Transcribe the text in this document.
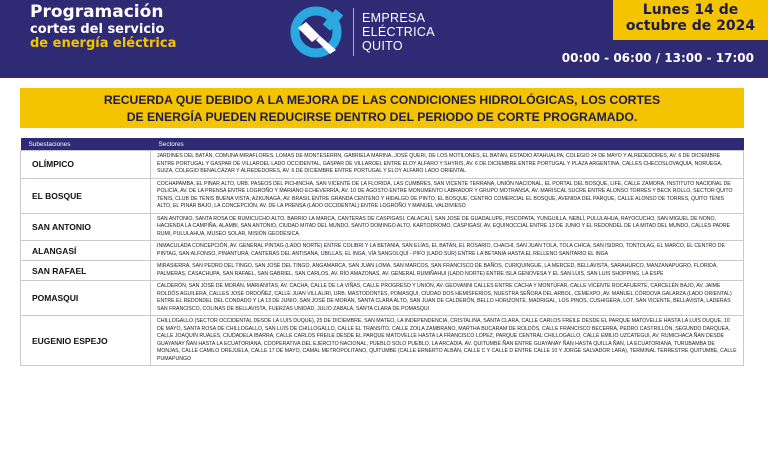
Programación
cortes del servicio
de energía eléctrica
EMPRESA
ELÉCTRICA
QUITO
Lunes 14 de
octubre de 2024
00:00 - 06:00 / 13:00 - 17:00
RECUERDA QUE DEBIDO A LA MEJORA DE LAS CONDICIONES HIDROLÓGICAS, LOS CORTES
DE ENERGÍA PUEDEN REDUCIRSE DENTRO DEL PERIODO DE CORTE PROGRAMADO.
Subestaciones	Sectores
OLÍMPICO	JARDINES DEL BATÁN, COMUNA MIRAFLORES, LOMAS DE MONTESERRN, GABRIELA MARINA, JOSÉ QUERI, DE LOS MOTILONES, EL BATÁN, ESTADIO ATAHUALPA, COLEGIO 24 DE MAYO Y ALREDEDORES, AV. 6 DE DICIEMBRE ENTRE PORTUGAL Y GASPAR DE VILLAROEL LADO OCCIDENTAL, GASPAR DE VILLAROEL ENTRE ELOY ALFARO Y SHYRIS, AV. 6 DE DICIEMBRE ENTRE PORTUGAL Y PLAZA ARGENTINA, CALLES CHECOSLOVAQUIA, NORUEGA, SUIZA, COLEGIO BENALCÁZAR Y ALREDEDORES, AV. 6 DE DICIEMBRE ENTRE PORTUGAL Y ELOY ALFARO LADO ORIENTAL
EL BOSQUE	COCHAPAMBA, EL PINAR ALTO, URB. PASEOS DEL PICHINCHA, SAN VICENTE DE LA FLORIDA, LAS CUMBRES, SAN VICENTE TERRANA, UNIÓN NACIONAL, EL PORTAL DEL BOSQUE, LIFE, CALLE ZAMORA, INSTITUTO NACIONAL DE POLICÍA, AV. DE LA PRENSA ENTRE LOGROÑO Y MARIANO ECHEVERRÍA, AV. 10 DE AGOSTO ENTRE MONUMENTO LABRADOR Y GRUPO MOTRANSA, AV. MARISCAL SUCRE ENTRE ALONSO TORRES Y BECK ROLLO, SECTOR QUITO TENIS, CLUB DE TENIS BUENA VISTA, AZKUNAGA, AV. BRASIL ENTRE GRANDA CENTENO Y HIDALGO DE PINTO, EL BOSQUE, CENTRO COMERCIAL EL BOSQUE, AVENIDA DEL PARQUE, CALLE ALONSO DE TORRES, QUITO TENIS ALTO, EL PINAR BAJO, LA CONCEPCIÓN, AV. DE LA PRENSA (LADO OCCIDENTAL) ENTRE LOGROÑO Y MANUEL VALDIVIESO
SAN ANTONIO	SAN ANTONIO, SANTA ROSA DE RUMICUCHO ALTO, BARRIO LA MARCA, CANTERAS DE CASPIGASI, CALACALÍ, SAN JOSÉ DE GUADALUPE, PISCOPATA, YUNGUILLA, NEBLÍ, PULULAHUA, RAYOCUCHO, SAN MIGUEL DE NONO, HACIENDA LA CAMPIÑA, ALAMBI, SAN ANTONIO, CIUDAD MITAD DEL MUNDO, SANTO DOMINGO ALTO, KARTODROMO, CASPIGASI, AV. EQUINOCCIAL ENTRE 13 DE JUNIO Y EL REDONDEL DE LA MITAD DEL MUNDO, CALLES PADRE RUMI, PULULAHUA, MUSEO SOLAR, MISIÓN GEODÉSICA
ALANGASÍ	INMACULADA CONCEPCIÓN, AV. GENERAL PINTAG (LADO NORTE) ENTRE COLIBRÍ Y LA BETANIA, SAN ELÍAS, EL BATÁN, EL ROSARIO, CHACHI, SAN JUAN TOLA, TOLA CHICA, SAN ISIDRO, TONTOLAG, EL MARCO, EL CENTRO DE PINTAG, SAN ALFONSO, PINANTURA, CANTERAS DEL ANTISANA, UBILLAS, EL INGA, VÍA SANGOLQUÍ - PIFO (LADO SUR) ENTRE LA BETANIA HASTA EL RELLENO SANITARIO EL INGA
SAN RAFAEL	MIRASIERRA, SAN PEDRO DEL TINGO, SAN JOSÉ DEL TINGO, ANGAMARCA, SAN JUAN LOMA, SAN MARCOS, SAN FRANCISCO DE BAÑOS, CURIQUINGUE, LA MERCED, BELLAVISTA, SARAHURCO, MANZANAPUGRO, FLORIDA, PALMERAS, CASACHUPA, SAN RAFAEL, SAN GABRIEL, SAN CARLOS, AV. RÍO AMAZONAS, AV. GENERAL RUMIÑAHUI (LADO NORTE) ENTRE ISLA GENOVESA Y EL SAN LUIS, SAN LUIS SHOPPING, LA ESPE
POMASQUI	CALDERÓN, SAN JOSÉ DE MORÁN, MARIANITAS, AV. CACHA, CALLE DE LA VIÑAS, CALLE PROGRESO Y UNIÓN, AV. GEOVANNI CALLES ENTRE CACHA Y MONTÚFAR, CALLE VICENTE ROCAFUERTE, CARCELÉN BAJO, AV. JAIME ROLDÓS AGUILERA, CALLES JOSÉ ORDOÑEZ, CALLE JUAN VILLALIRI, URB. MASTODONTES, POMASQUI, CIUDAD DOS HEMISFERIOS, NUESTRA SEÑORA DEL ARBOL, CEMEXPO, AV. MANUEL CÓRDOVA GALARZA (LADO ORIENTAL) ENTRE EL REDONDEL DEL CONDADO Y LA 13 DE JUNIO, SAN JOSÉ DE MORÁN, SANTA CLARA ALTO, SAN JUAN DE CALDERÓN, BELLO HORIZONTE, MADRIGAL, LOS PINOS, CUSHIGERA, LOT. SAN VICENTE, BELLAVISTA, LADERAS SAN FRANCISCO, COLINAS DE BELLAVISTA, FUERZAS UNIDAD, JULIO ZABALA, SANTA CLARA DE POMASQUI
EUGENIO ESPEJO	CHILLOGALLO (SECTOR OCCIDENTAL DESDE LA LUIS DUQUE), 25 DE DICIEMBRE, SAN MATEO, LA INDEPENDENCIA, CRISTALINA, SANTA CLARA, CALLE CARLOS FREILE DESDE EL PARQUE MATOVELLE HASTA LA LUIS DUQUE, 10 DE MAYO, SANTA ROSA DE CHILLOGALLO, SAN LUIS DE CHILLOGALLO, CALLE EL TRANSITO, CALLE ZOILA ZAMBRANO, MARTHA BUCARAM DE ROLDÓS, CALLE FRANCISCO BECERRA, PEDRO CASTRILLÓN, SEGUNDO DARQUEA, CALLE JOAQUÍN RUALES, CIUDADELA IBARRA, CALLE CARLOS FREILE DESDE EL PARQUE MATOVELLE HASTA LA FRANCISCO LOPEZ, PARQUE CENTRAL CHILLOGALLO, CALLE EMILIO UZCATEGUI, AV. RUMICHACA ÑAN DESDE GUAYANAY ÑAN HASTA LA ECUATORIANA, COOPERATIVA DEL EJÉRCITO NACIONAL, PUEBLO SOLO PUEBLO, LA ARCADIA, AV. QUITUMBE ÑAN ENTRE GUAYANAY ÑAN HASTA QUILLA ÑAN, LA ECUATORIANA, TURUBAMBA DE MONJAS, CALLE CAMILO OREJUELA, CALLE 17 DE MAYO, CAMAL METROPOLITANO, QUITUMBE (CALLE ERNERTO ALBÁN, CALLE C Y CALLE D ENTRE CALLE 10 Y JORGE SALVADOR LARA), TERMINAL TERRESTRE QUITUMBE, CALLE PUMAPUNGO
